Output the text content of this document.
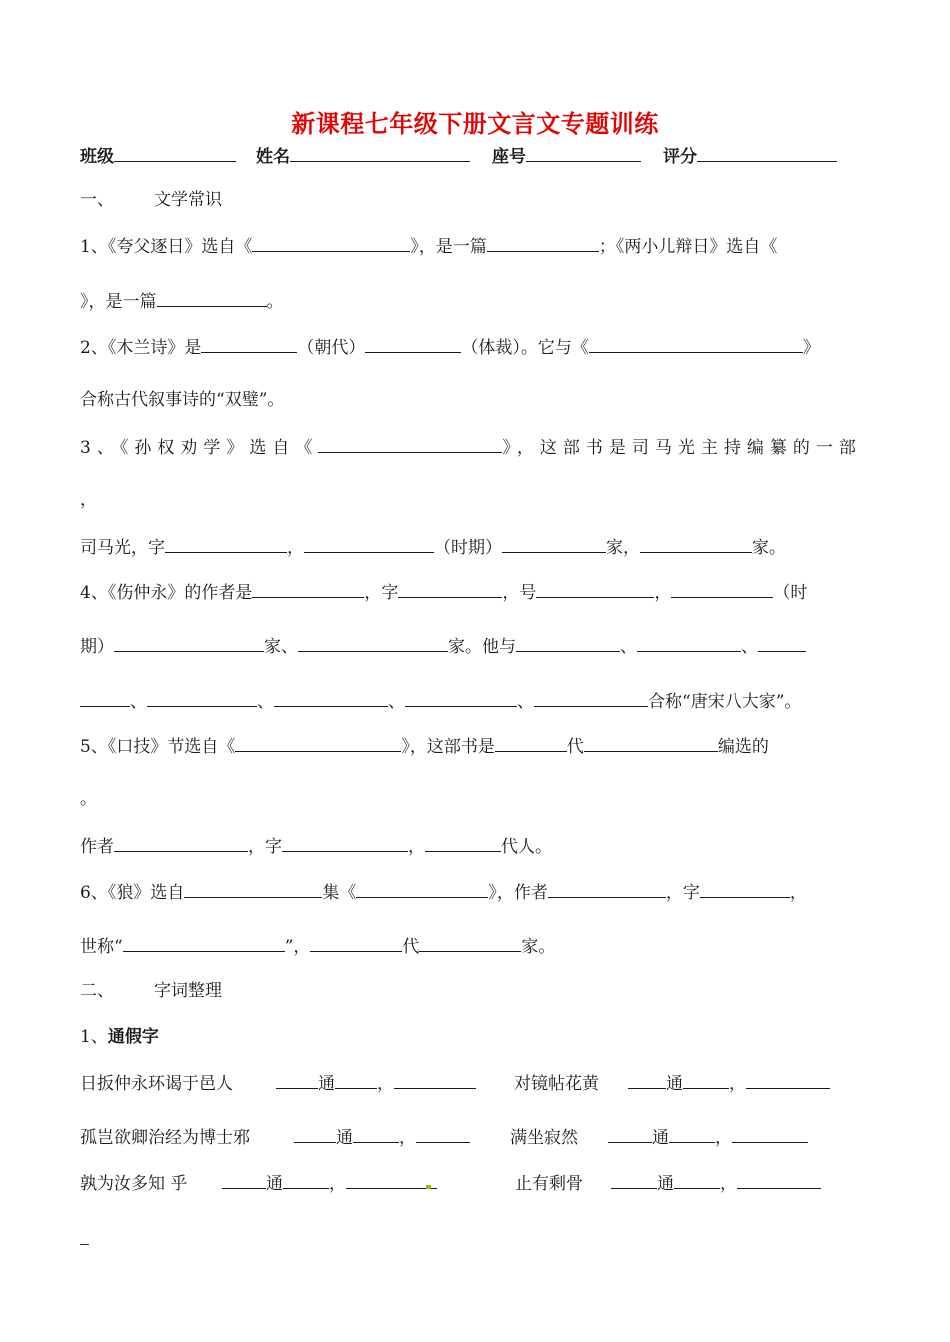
新课程七年级下册文言文专题训练
班级	姓名	座号	评分
一、 文学常识
1、《夸父逐日》选自《	》，是一篇	；《两小儿辩日》选自《
》，是一篇	。
2、《木兰诗》是	（朝代）	（体裁）。它与《	》
合称古代叙事诗的“双璧”。
3、《孙权劝学》选自《	》，这部书是司马光主持编纂的一部
，
司马光，字	，	（时期）	家，	家。
4、《伤仲永》的作者是	，字	，号	，	（时
期）	家、	家。他与	、	、
、	、	、	、	合称“唐宋八大家”。
5、《口技》节选自《	》，这部书是	代	编选的
。
作者	，字	，	代人。
6、《狼》选自	集《	》，作者	，字	，
世称“	”，	代	家。
二、 字词整理
1、通假字
日扳仲永环谒于邑人	通 ，	对镜帖花黄	通	，
孤岂欲卿治经为博士邪	通	，	满坐寂然	通	，
孰为汝多知 乎	通	，	止有剩骨	通	，
